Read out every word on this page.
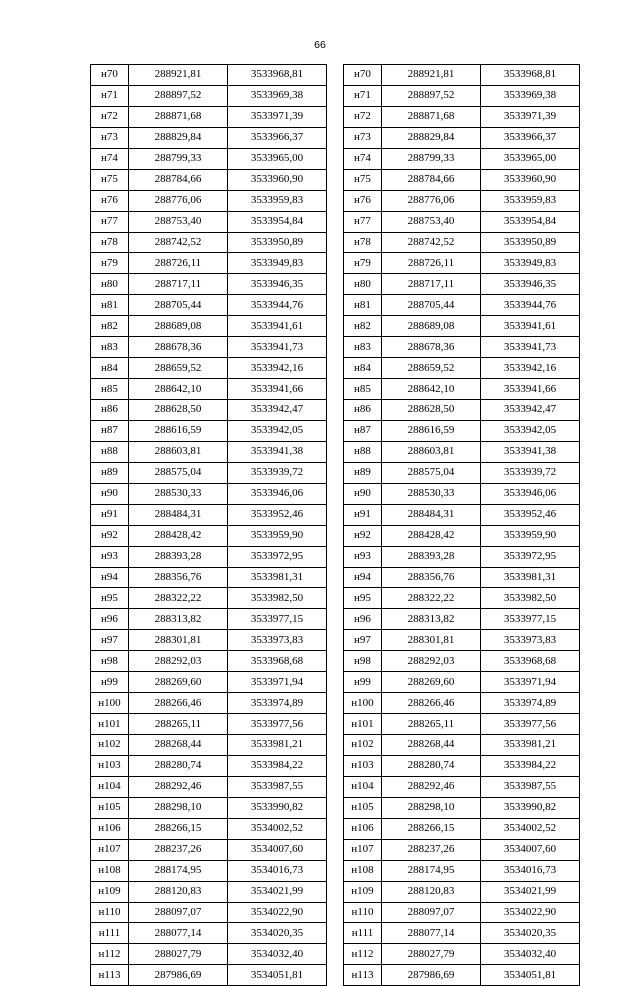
66
н70	288921,81	3533968,81
н71	288897,52	3533969,38
н72	288871,68	3533971,39
н73	288829,84	3533966,37
н74	288799,33	3533965,00
н75	288784,66	3533960,90
н76	288776,06	3533959,83
н77	288753,40	3533954,84
н78	288742,52	3533950,89
н79	288726,11	3533949,83
н80	288717,11	3533946,35
н81	288705,44	3533944,76
н82	288689,08	3533941,61
н83	288678,36	3533941,73
н84	288659,52	3533942,16
н85	288642,10	3533941,66
н86	288628,50	3533942,47
н87	288616,59	3533942,05
н88	288603,81	3533941,38
н89	288575,04	3533939,72
н90	288530,33	3533946,06
н91	288484,31	3533952,46
н92	288428,42	3533959,90
н93	288393,28	3533972,95
н94	288356,76	3533981,31
н95	288322,22	3533982,50
н96	288313,82	3533977,15
н97	288301,81	3533973,83
н98	288292,03	3533968,68
н99	288269,60	3533971,94
н100	288266,46	3533974,89
н101	288265,11	3533977,56
н102	288268,44	3533981,21
н103	288280,74	3533984,22
н104	288292,46	3533987,55
н105	288298,10	3533990,82
н106	288266,15	3534002,52
н107	288237,26	3534007,60
н108	288174,95	3534016,73
н109	288120,83	3534021,99
н110	288097,07	3534022,90
н111	288077,14	3534020,35
н112	288027,79	3534032,40
н113	287986,69	3534051,81
н70	288921,81	3533968,81
н71	288897,52	3533969,38
н72	288871,68	3533971,39
н73	288829,84	3533966,37
н74	288799,33	3533965,00
н75	288784,66	3533960,90
н76	288776,06	3533959,83
н77	288753,40	3533954,84
н78	288742,52	3533950,89
н79	288726,11	3533949,83
н80	288717,11	3533946,35
н81	288705,44	3533944,76
н82	288689,08	3533941,61
н83	288678,36	3533941,73
н84	288659,52	3533942,16
н85	288642,10	3533941,66
н86	288628,50	3533942,47
н87	288616,59	3533942,05
н88	288603,81	3533941,38
н89	288575,04	3533939,72
н90	288530,33	3533946,06
н91	288484,31	3533952,46
н92	288428,42	3533959,90
н93	288393,28	3533972,95
н94	288356,76	3533981,31
н95	288322,22	3533982,50
н96	288313,82	3533977,15
н97	288301,81	3533973,83
н98	288292,03	3533968,68
н99	288269,60	3533971,94
н100	288266,46	3533974,89
н101	288265,11	3533977,56
н102	288268,44	3533981,21
н103	288280,74	3533984,22
н104	288292,46	3533987,55
н105	288298,10	3533990,82
н106	288266,15	3534002,52
н107	288237,26	3534007,60
н108	288174,95	3534016,73
н109	288120,83	3534021,99
н110	288097,07	3534022,90
н111	288077,14	3534020,35
н112	288027,79	3534032,40
н113	287986,69	3534051,81
